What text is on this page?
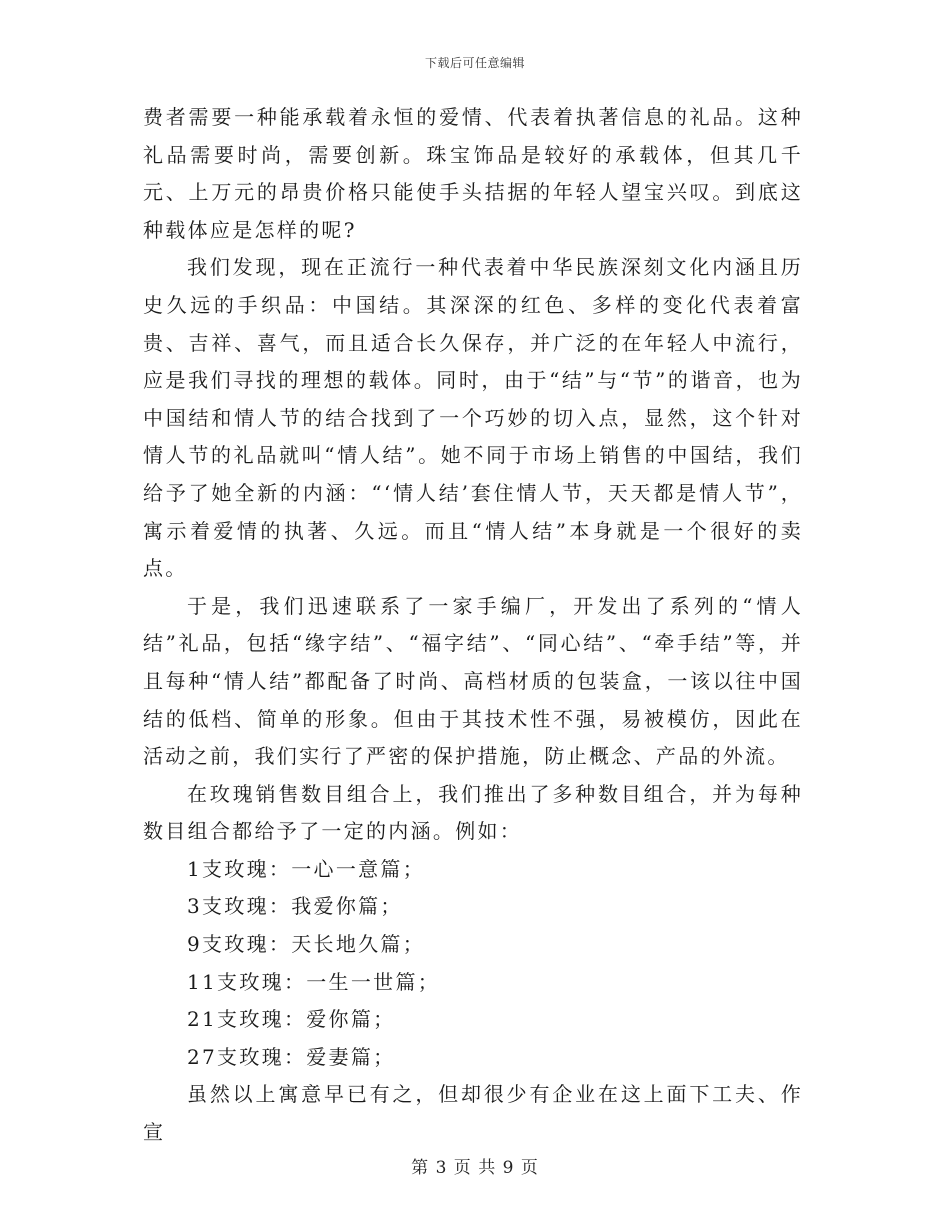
下载后可任意编辑

费者需要一种能承载着永恒的爱情、代表着执著信息的礼品。这种礼品需要时尚，需要创新。珠宝饰品是较好的承载体，但其几千元、上万元的昂贵价格只能使手头拮据的年轻人望宝兴叹。到底这种载体应是怎样的呢?

我们发现，现在正流行一种代表着中华民族深刻文化内涵且历史久远的手织品：中国结。其深深的红色、多样的变化代表着富贵、吉祥、喜气，而且适合长久保存，并广泛的在年轻人中流行，应是我们寻找的理想的载体。同时，由于“结”与“节”的谐音，也为中国结和情人节的结合找到了一个巧妙的切入点，显然，这个针对情人节的礼品就叫“情人结”。她不同于市场上销售的中国结，我们给予了她全新的内涵：“‘情人结’套住情人节，天天都是情人节”，寓示着爱情的执著、久远。而且“情人结”本身就是一个很好的卖点。

于是，我们迅速联系了一家手编厂，开发出了系列的“情人结”礼品，包括“缘字结”、“福字结”、“同心结”、“牵手结”等，并且每种“情人结”都配备了时尚、高档材质的包装盒，一该以往中国结的低档、简单的形象。但由于其技术性不强，易被模仿，因此在活动之前，我们实行了严密的保护措施，防止概念、产品的外流。

在玫瑰销售数目组合上，我们推出了多种数目组合，并为每种数目组合都给予了一定的内涵。例如：

1支玫瑰：一心一意篇；

3支玫瑰：我爱你篇；

9支玫瑰：天长地久篇；

11支玫瑰：一生一世篇；

21支玫瑰：爱你篇；

27支玫瑰：爱妻篇；

虽然以上寓意早已有之，但却很少有企业在这上面下工夫、作宣

第 3 页 共 9 页
